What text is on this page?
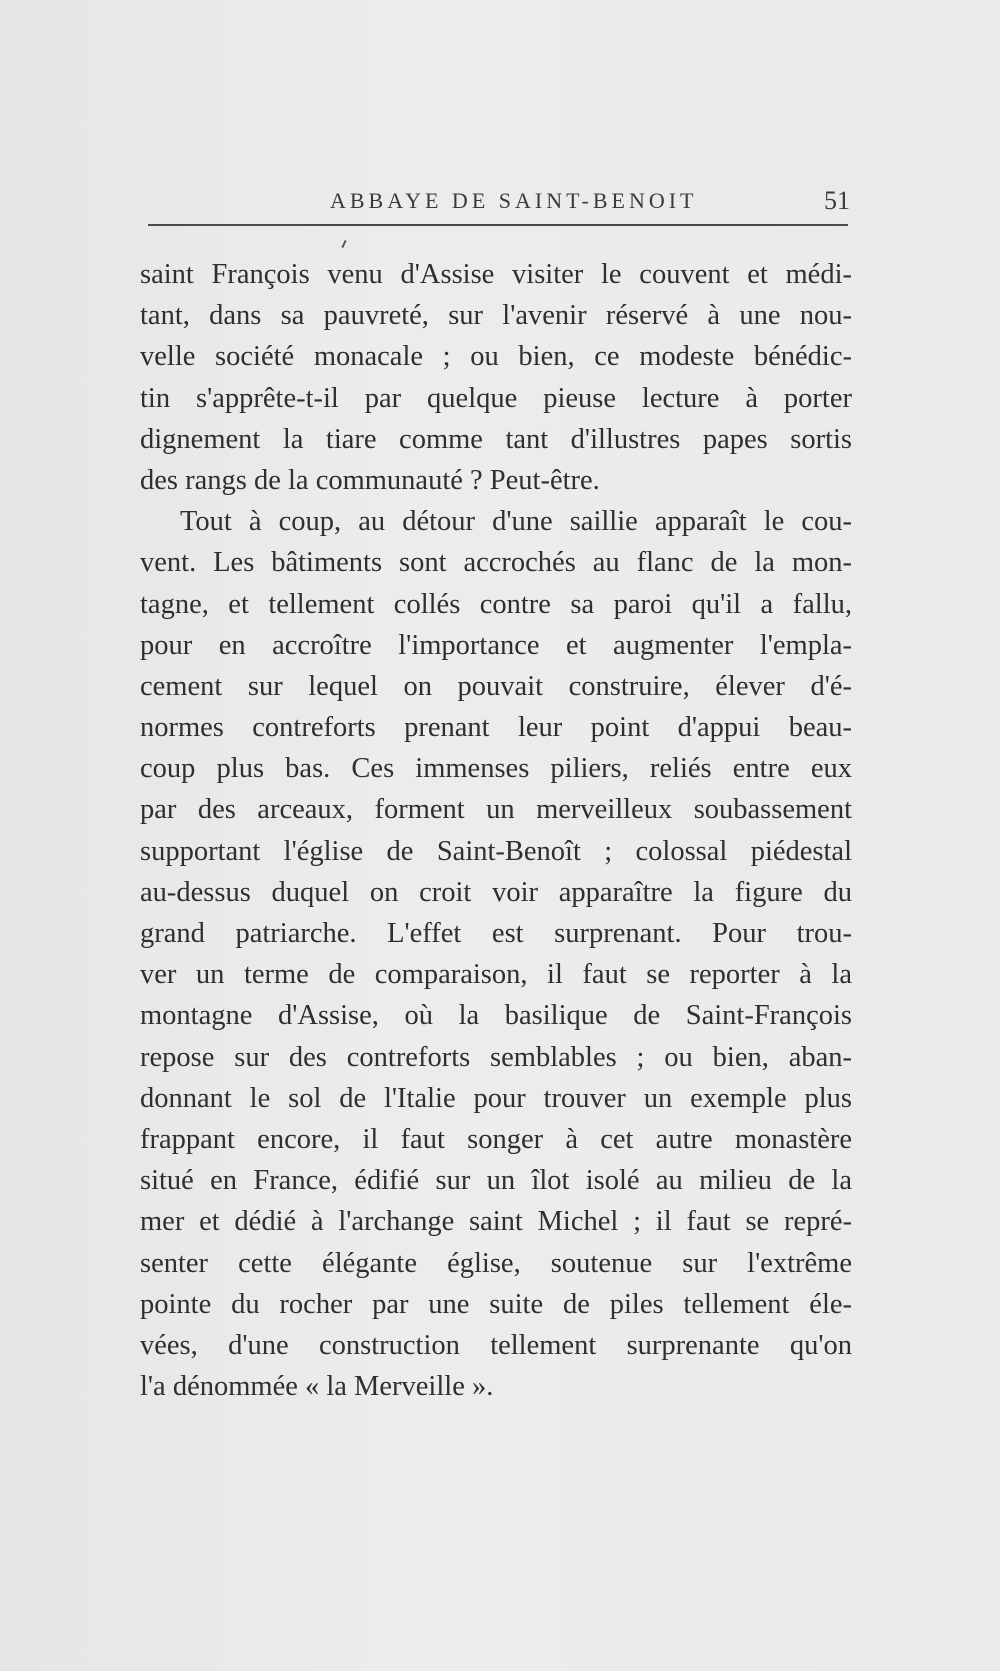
ABBAYE DE SAINT-BENOIT	51
saint François venu d'Assise visiter le couvent et médi-
tant, dans sa pauvreté, sur l'avenir réservé à une nou-
velle société monacale ; ou bien, ce modeste bénédic-
tin s'apprête-t-il par quelque pieuse lecture à porter
dignement la tiare comme tant d'illustres papes sortis
des rangs de la communauté ? Peut-être.
Tout à coup, au détour d'une saillie apparaît le cou-
vent. Les bâtiments sont accrochés au flanc de la mon-
tagne, et tellement collés contre sa paroi qu'il a fallu,
pour en accroître l'importance et augmenter l'empla-
cement sur lequel on pouvait construire, élever d'é-
normes contreforts prenant leur point d'appui beau-
coup plus bas. Ces immenses piliers, reliés entre eux
par des arceaux, forment un merveilleux soubassement
supportant l'église de Saint-Benoît ; colossal piédestal
au-dessus duquel on croit voir apparaître la figure du
grand patriarche. L'effet est surprenant. Pour trou-
ver un terme de comparaison, il faut se reporter à la
montagne d'Assise, où la basilique de Saint-François
repose sur des contreforts semblables ; ou bien, aban-
donnant le sol de l'Italie pour trouver un exemple plus
frappant encore, il faut songer à cet autre monastère
situé en France, édifié sur un îlot isolé au milieu de la
mer et dédié à l'archange saint Michel ; il faut se repré-
senter cette élégante église, soutenue sur l'extrême
pointe du rocher par une suite de piles tellement éle-
vées, d'une construction tellement surprenante qu'on
l'a dénommée « la Merveille ».
